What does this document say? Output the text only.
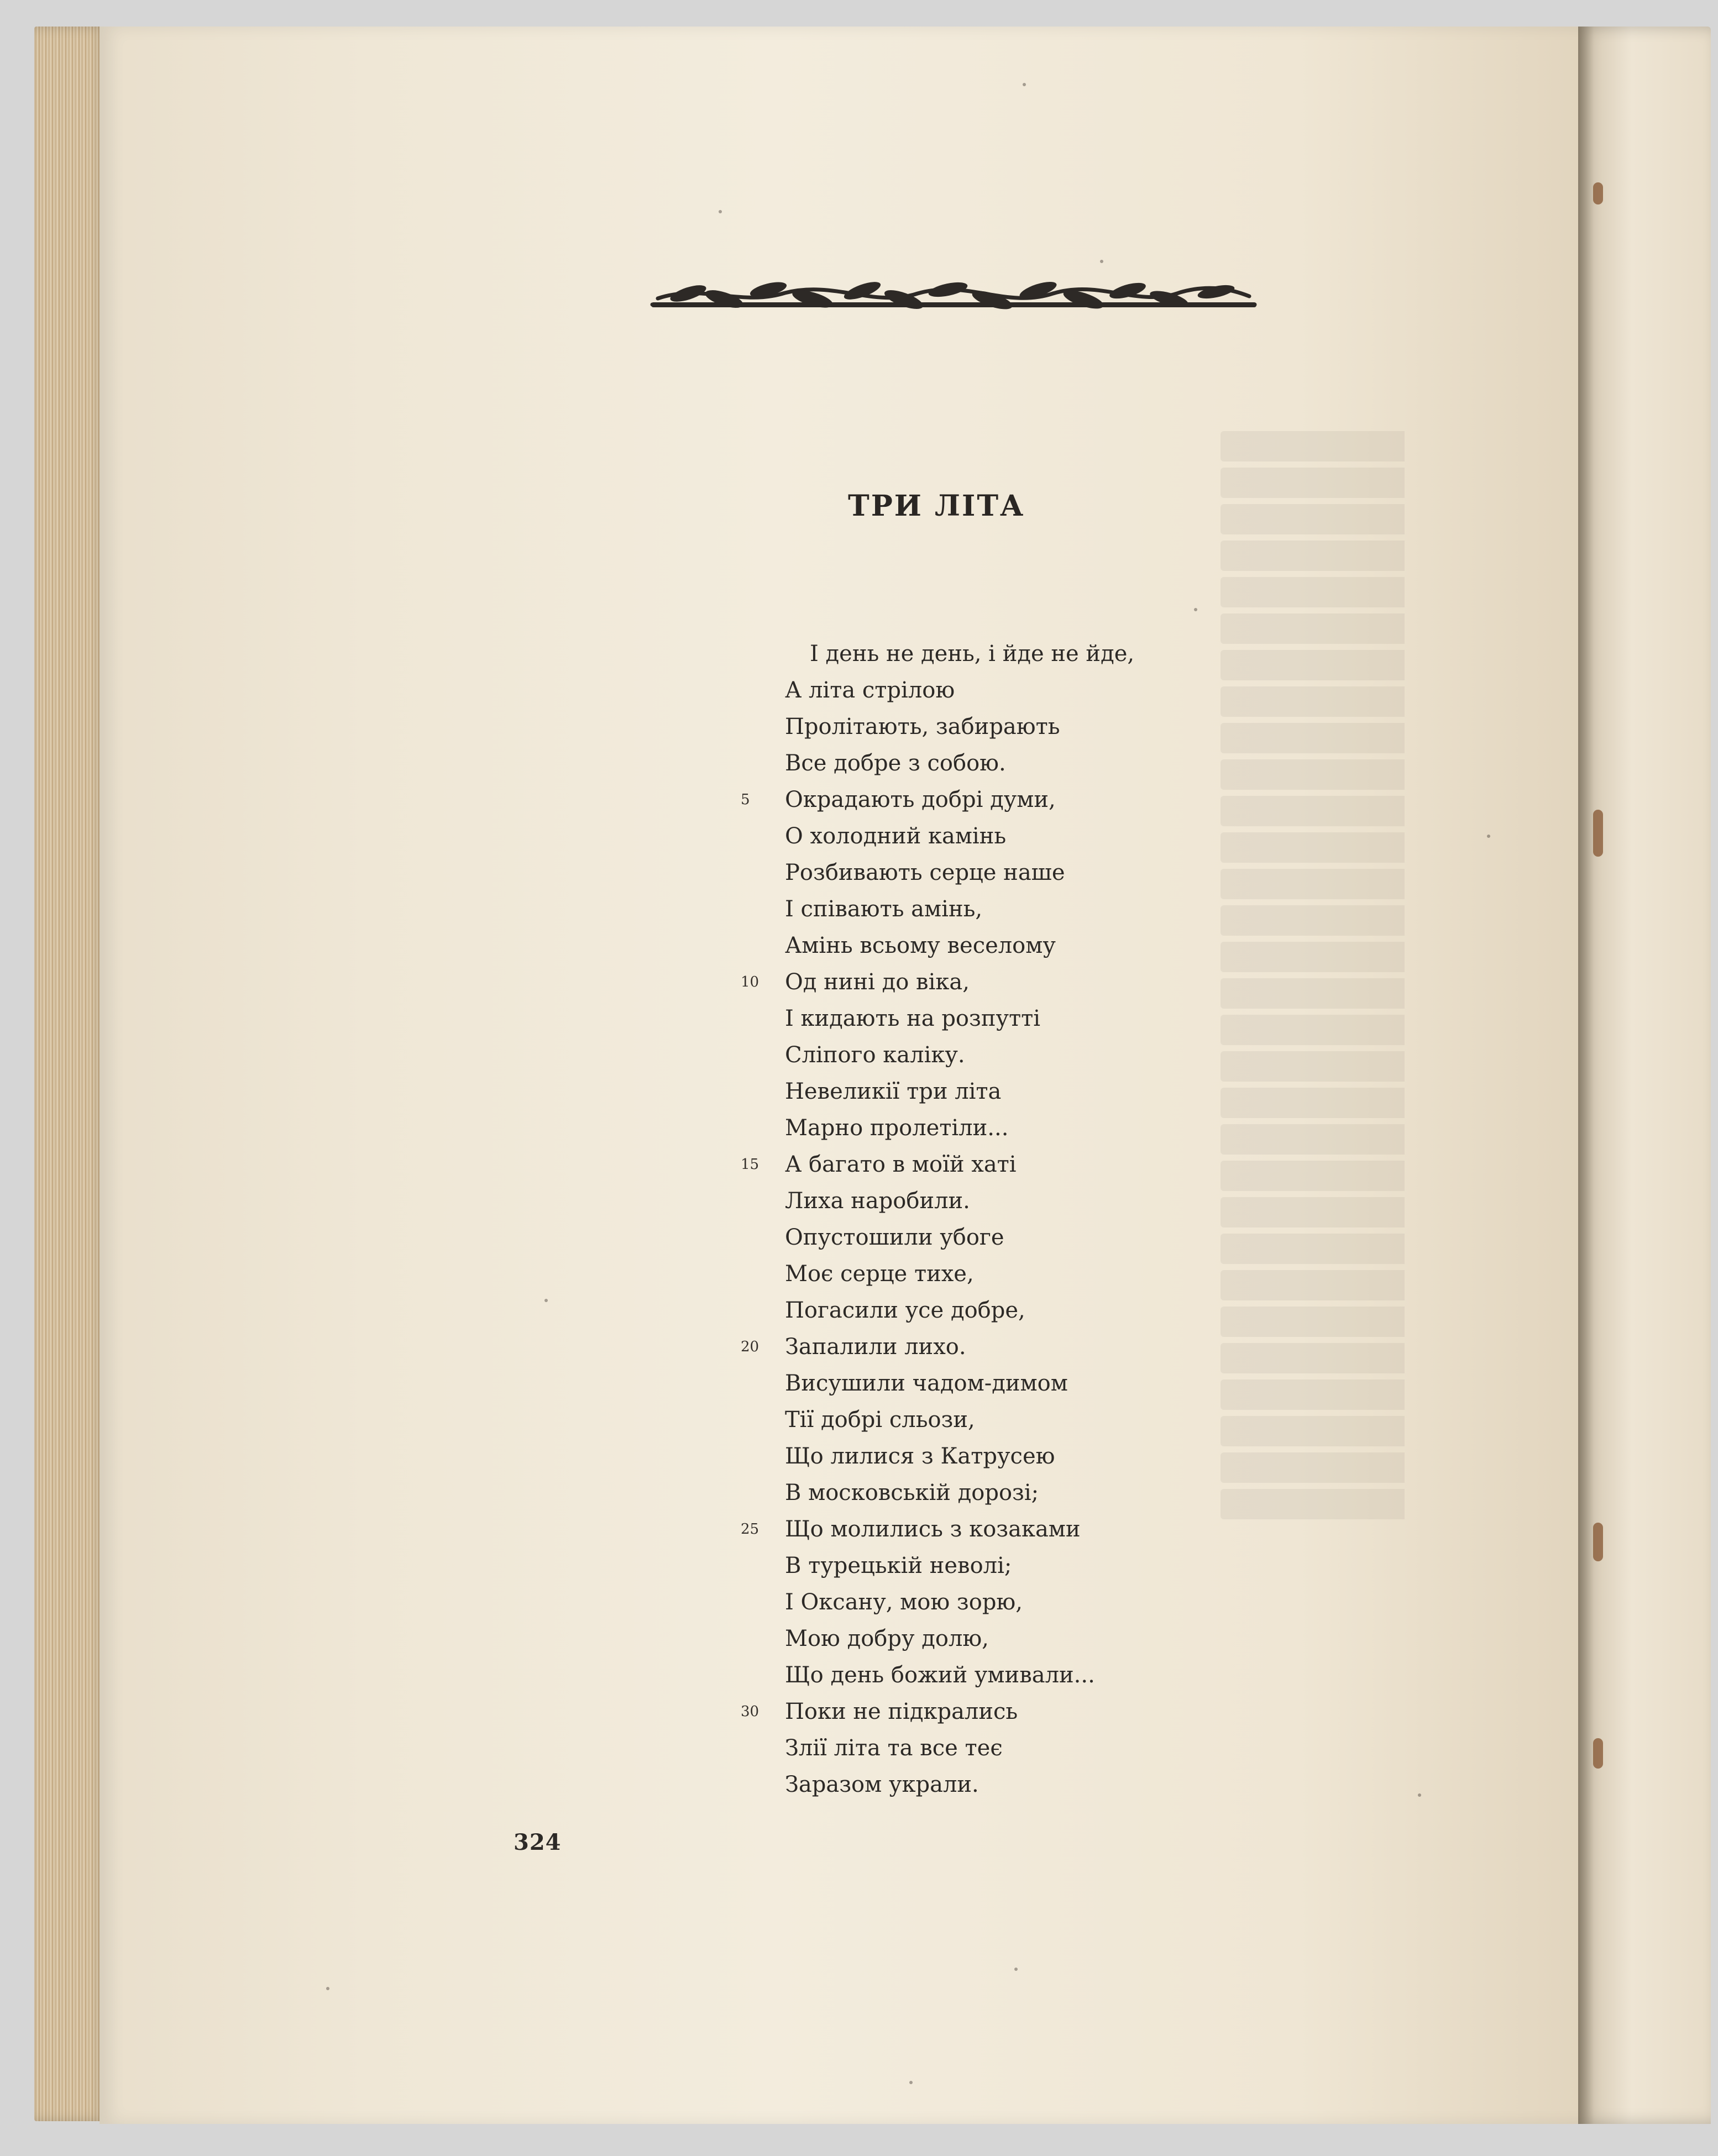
ТРИ ЛІТА
І день не день, і йде не йде,
А літа стрілою
Пролітають, забирають
Все добре з собою.
5	Окрадають добрі думи,
О холодний камінь
Розбивають серце наше
І співають амінь,
Амінь всьому веселому
10	Од нині до віка,
І кидають на розпутті
Сліпого каліку.
Невеликії три літа
Марно пролетіли...
15	А багато в моїй хаті
Лиха наробили.
Опустошили убоге
Моє серце тихе,
Погасили усе добре,
20	Запалили лихо.
Висушили чадом-димом
Тії добрі сльози,
Що лилися з Катрусею
В московській дорозі;
25	Що молились з козаками
В турецькій неволі;
І Оксану, мою зорю,
Мою добру долю,
Що день божий умивали...
30	Поки не підкрались
Злії літа та все теє
Заразом украли.

324
